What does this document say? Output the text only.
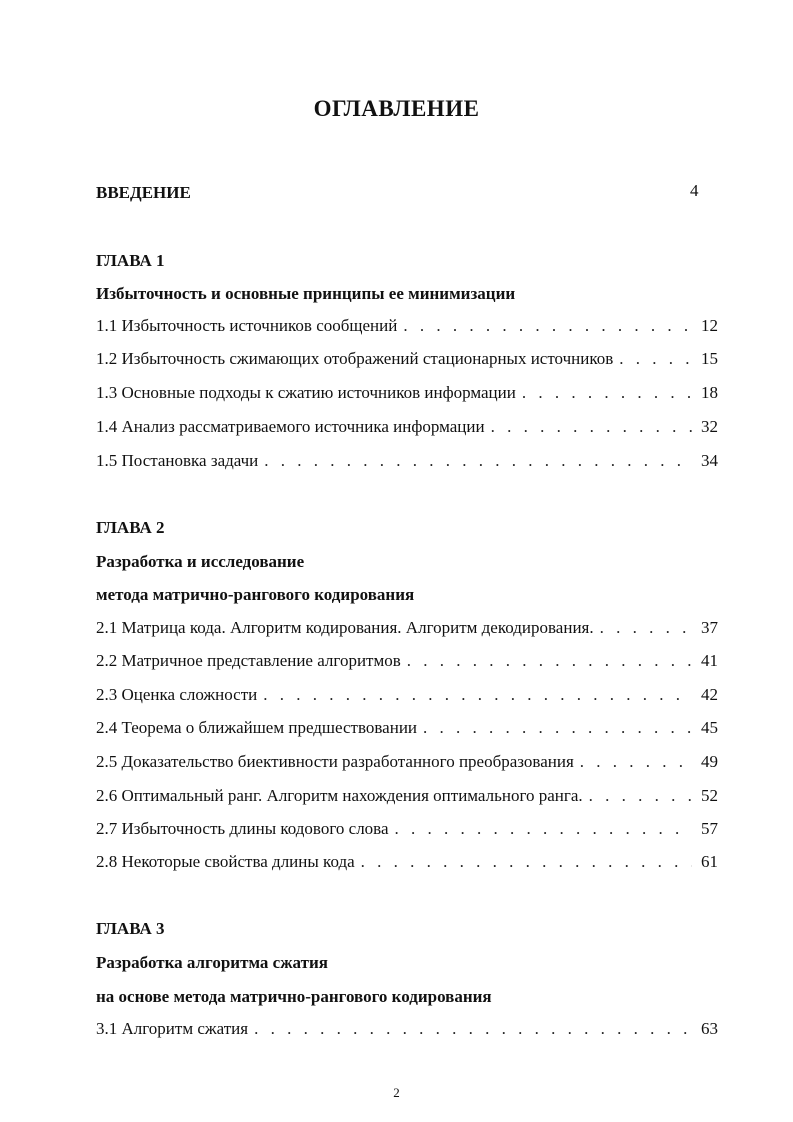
ОГЛАВЛЕНИЕ
ВВЕДЕНИЕ	4
ГЛАВА 1
Избыточность и основные принципы ее минимизации
1.1 Избыточность источников сообщений . . .	12
1.2 Избыточность сжимающих отображений стационарных источников . . .	15
1.3 Основные подходы к сжатию источников информации . . .	18
1.4 Анализ рассматриваемого источника информации . . .	32
1.5 Постановка задачи . . .	34
ГЛАВА 2
Разработка и исследование
метода матрично-рангового кодирования
2.1 Матрица кода. Алгоритм кодирования. Алгоритм декодирования. . . .	37
2.2 Матричное представление алгоритмов . . .	41
2.3 Оценка сложности . . .	42
2.4 Теорема о ближайшем предшествовании . . .	45
2.5 Доказательство биективности разработанного преобразования . . .	49
2.6 Оптимальный ранг. Алгоритм нахождения оптимального ранга. . . .	52
2.7 Избыточность длины кодового слова . . .	57
2.8 Некоторые свойства длины кода . . .	61
ГЛАВА 3
Разработка алгоритма сжатия
на основе метода матрично-рангового кодирования
3.1 Алгоритм сжатия . . .	63
2
